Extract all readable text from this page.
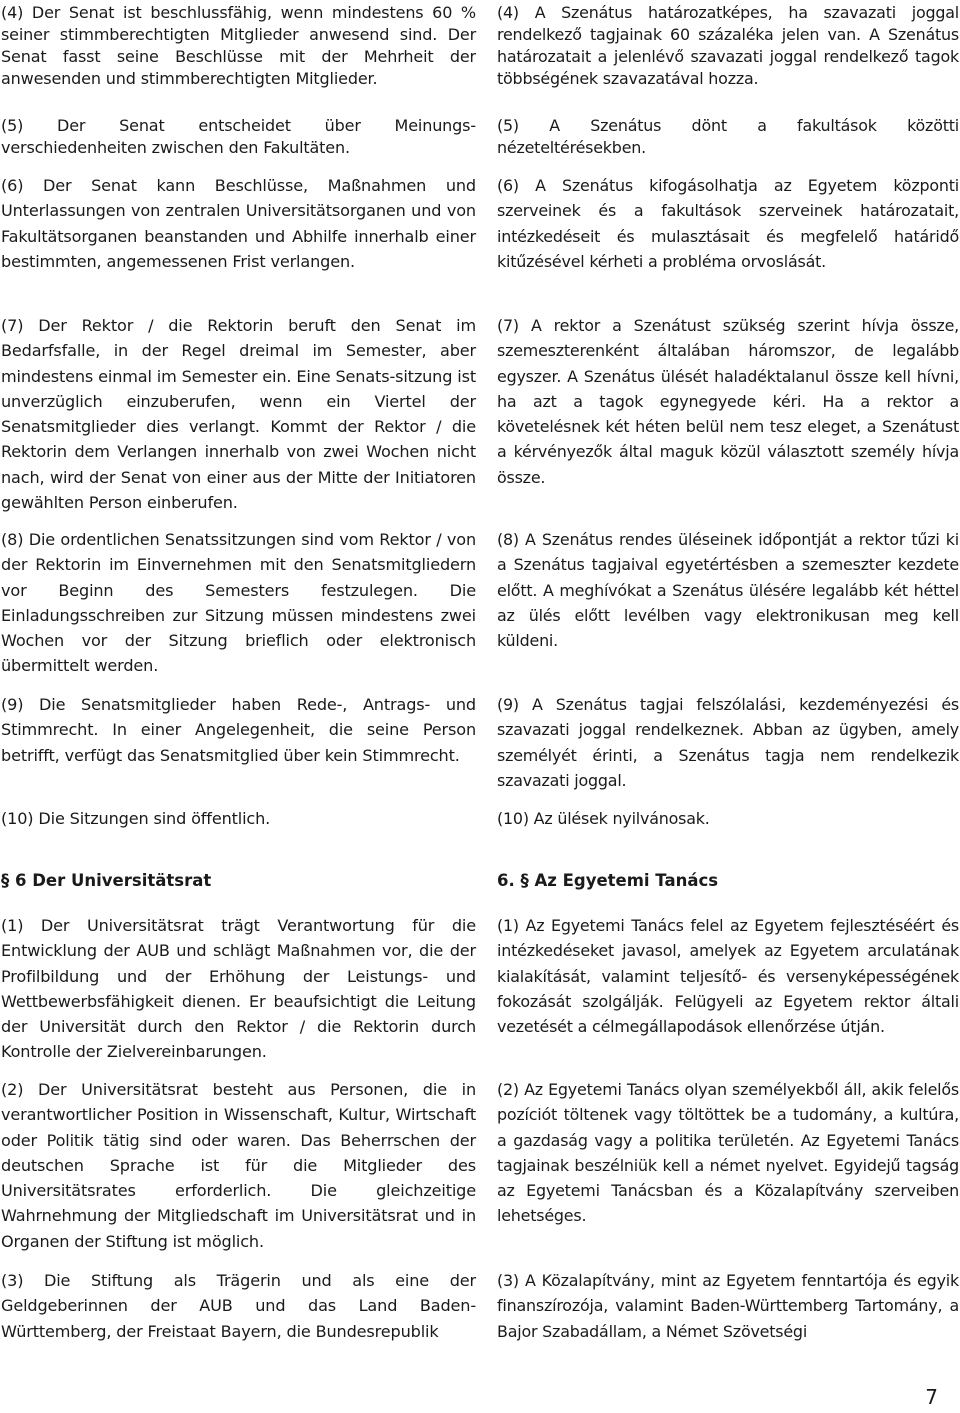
(4) Der Senat ist beschlussfähig, wenn mindestens 60 % seiner stimmberechtigten Mitglieder anwesend sind. Der Senat fasst seine Beschlüsse mit der Mehrheit der anwesenden und stimmberechtigten Mitglieder.

(5) Der Senat entscheidet über Meinungs-verschiedenheiten zwischen den Fakultäten.

(6) Der Senat kann Beschlüsse, Maßnahmen und Unterlassungen von zentralen Universitätsorganen und von Fakultätsorganen beanstanden und Abhilfe innerhalb einer bestimmten, angemessenen Frist verlangen.

(7) Der Rektor / die Rektorin beruft den Senat im Bedarfsfalle, in der Regel dreimal im Semester, aber mindestens einmal im Semester ein. Eine Senats-sitzung ist unverzüglich einzuberufen, wenn ein Viertel der Senatsmitglieder dies verlangt. Kommt der Rektor / die Rektorin dem Verlangen innerhalb von zwei Wochen nicht nach, wird der Senat von einer aus der Mitte der Initiatoren gewählten Person einberufen.

(8) Die ordentlichen Senatssitzungen sind vom Rektor / von der Rektorin im Einvernehmen mit den Senatsmitgliedern vor Beginn des Semesters festzulegen. Die Einladungsschreiben zur Sitzung müssen mindestens zwei Wochen vor der Sitzung brieflich oder elektronisch übermittelt werden.

(9) Die Senatsmitglieder haben Rede-, Antrags- und Stimmrecht. In einer Angelegenheit, die seine Person betrifft, verfügt das Senatsmitglied über kein Stimmrecht.

(10) Die Sitzungen sind öffentlich.

§ 6 Der Universitätsrat

(1) Der Universitätsrat trägt Verantwortung für die Entwicklung der AUB und schlägt Maßnahmen vor, die der Profilbildung und der Erhöhung der Leistungs- und Wettbewerbsfähigkeit dienen. Er beaufsichtigt die Leitung der Universität durch den Rektor / die Rektorin durch Kontrolle der Zielvereinbarungen.

(2) Der Universitätsrat besteht aus Personen, die in verantwortlicher Position in Wissenschaft, Kultur, Wirtschaft oder Politik tätig sind oder waren. Das Beherrschen der deutschen Sprache ist für die Mitglieder des Universitätsrates erforderlich. Die gleichzeitige Wahrnehmung der Mitgliedschaft im Universitätsrat und in Organen der Stiftung ist möglich.

(3) Die Stiftung als Trägerin und als eine der Geldgeberinnen der AUB und das Land Baden-Württemberg, der Freistaat Bayern, die Bundesrepublik

(4) A Szenátus határozatképes, ha szavazati joggal rendelkező tagjainak 60 százaléka jelen van. A Szenátus határozatait a jelenlévő szavazati joggal rendelkező tagok többségének szavazatával hozza.

(5) A Szenátus dönt a fakultások közötti nézeteltérésekben.

(6) A Szenátus kifogásolhatja az Egyetem központi szerveinek és a fakultások szerveinek határozatait, intézkedéseit és mulasztásait és megfelelő határidő kitűzésével kérheti a probléma orvoslását.

(7) A rektor a Szenátust szükség szerint hívja össze, szemeszterenként általában háromszor, de legalább egyszer. A Szenátus ülését haladéktalanul össze kell hívni, ha azt a tagok egynegyede kéri. Ha a rektor a követelésnek két héten belül nem tesz eleget, a Szenátust a kérvényezők által maguk közül választott személy hívja össze.

(8) A Szenátus rendes üléseinek időpontját a rektor tűzi ki a Szenátus tagjaival egyetértésben a szemeszter kezdete előtt. A meghívókat a Szenátus ülésére legalább két héttel az ülés előtt levélben vagy elektronikusan meg kell küldeni.

(9) A Szenátus tagjai felszólalási, kezdeményezési és szavazati joggal rendelkeznek. Abban az ügyben, amely személyét érinti, a Szenátus tagja nem rendelkezik szavazati joggal.

(10) Az ülések nyilvánosak.

6. § Az Egyetemi Tanács

(1) Az Egyetemi Tanács felel az Egyetem fejlesztéséért és intézkedéseket javasol, amelyek az Egyetem arculatának kialakítását, valamint teljesítő- és versenyképességének fokozását szolgálják. Felügyeli az Egyetem rektor általi vezetését a célmegállapodások ellenőrzése útján.

(2) Az Egyetemi Tanács olyan személyekből áll, akik felelős pozíciót töltenek vagy töltöttek be a tudomány, a kultúra, a gazdaság vagy a politika területén. Az Egyetemi Tanács tagjainak beszélniük kell a német nyelvet. Egyidejű tagság az Egyetemi Tanácsban és a Közalapítvány szerveiben lehetséges.

(3) A Közalapítvány, mint az Egyetem fenntartója és egyik finanszírozója, valamint Baden-Württemberg Tartomány, a Bajor Szabadállam, a Német Szövetségi

7
